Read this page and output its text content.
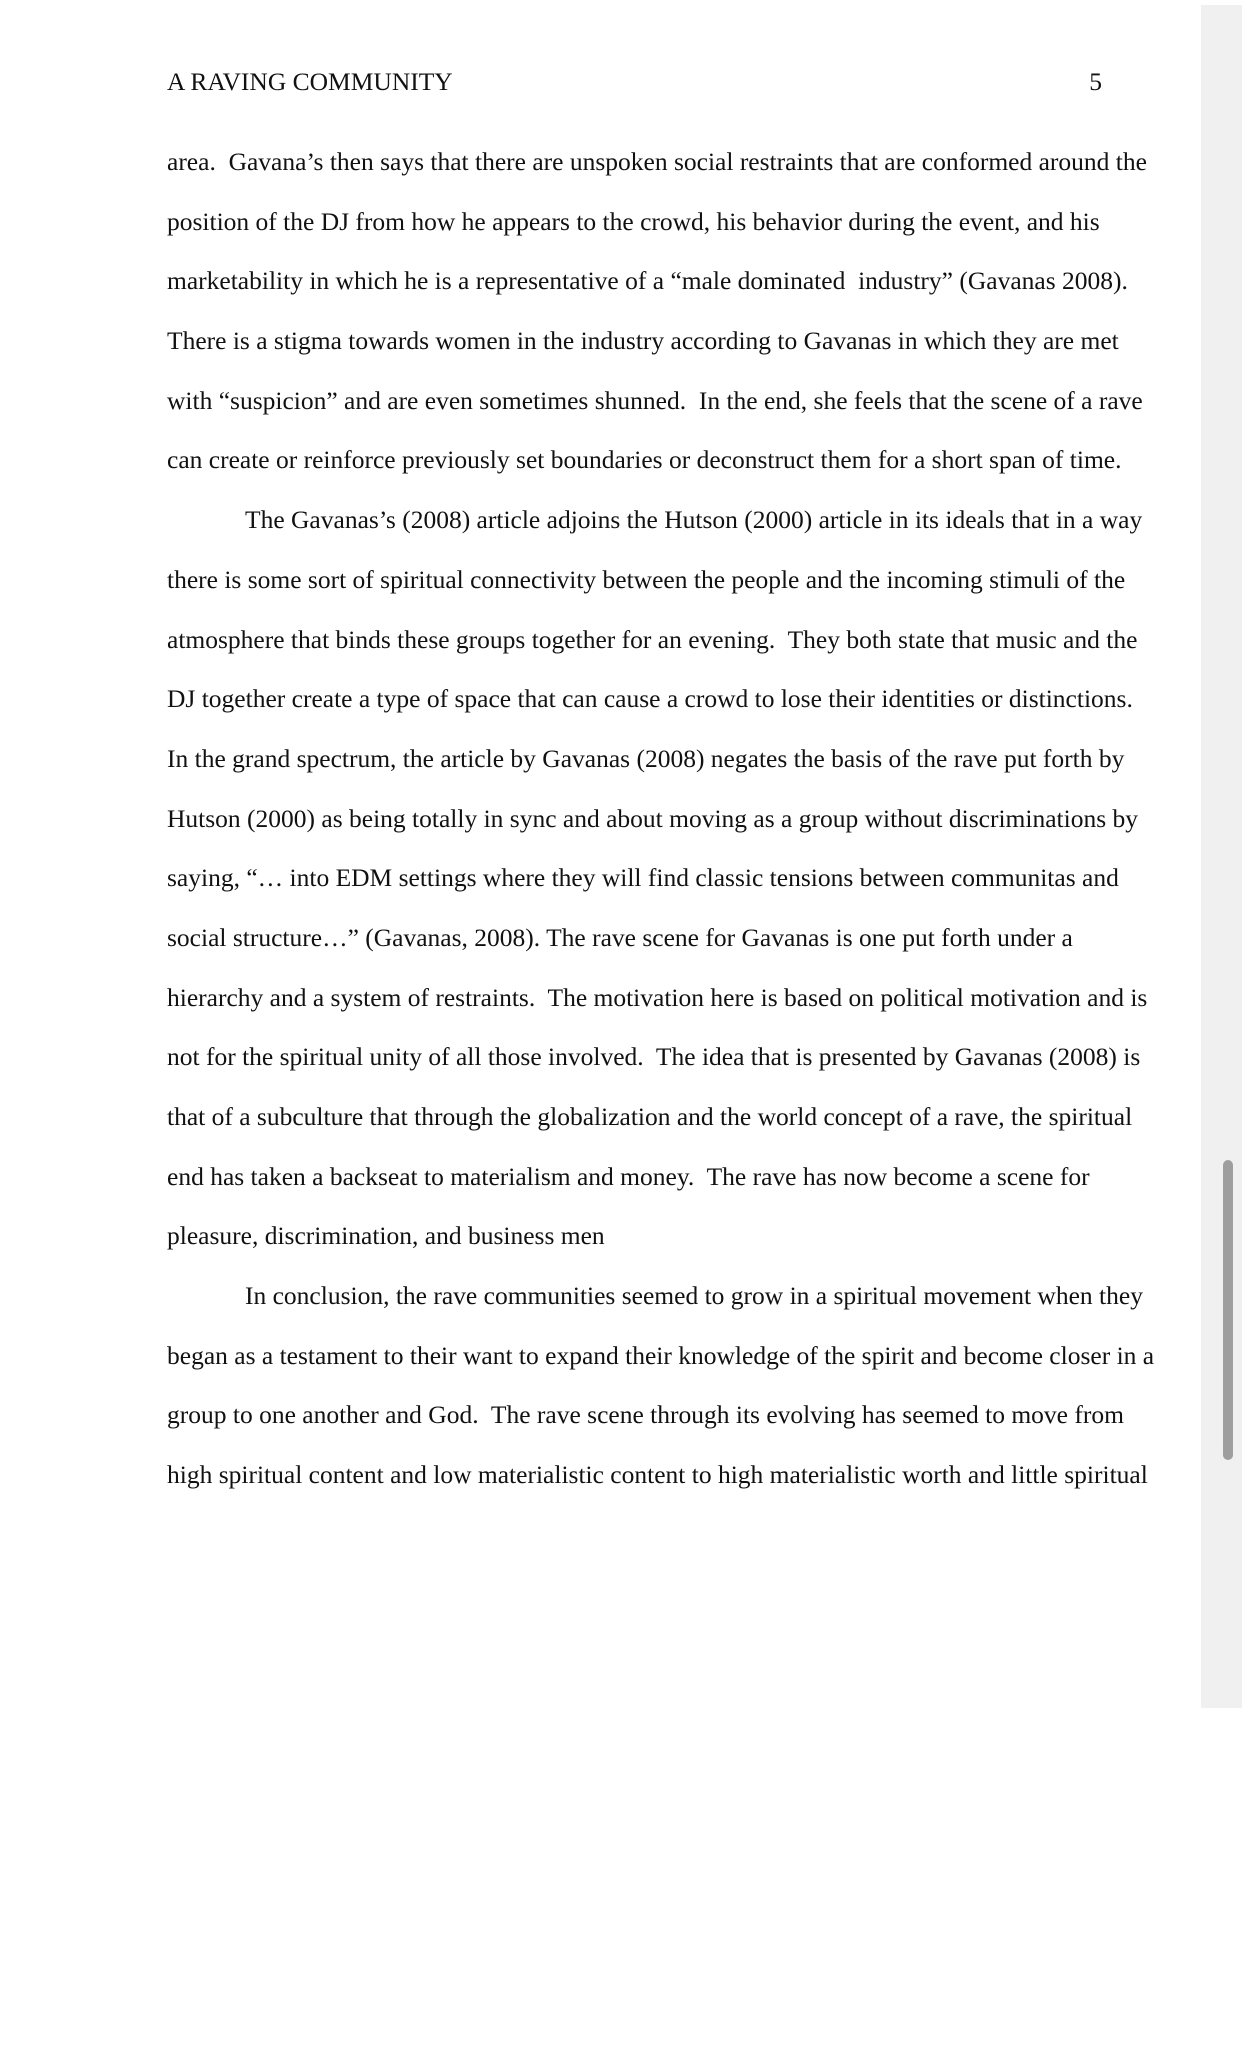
A RAVING COMMUNITY	5
area.  Gavana’s then says that there are unspoken social restraints that are conformed around the
position of the DJ from how he appears to the crowd, his behavior during the event, and his
marketability in which he is a representative of a “male dominated  industry” (Gavanas 2008).
There is a stigma towards women in the industry according to Gavanas in which they are met
with “suspicion” and are even sometimes shunned.  In the end, she feels that the scene of a rave
can create or reinforce previously set boundaries or deconstruct them for a short span of time.
The Gavanas’s (2008) article adjoins the Hutson (2000) article in its ideals that in a way
there is some sort of spiritual connectivity between the people and the incoming stimuli of the
atmosphere that binds these groups together for an evening.  They both state that music and the
DJ together create a type of space that can cause a crowd to lose their identities or distinctions.
In the grand spectrum, the article by Gavanas (2008) negates the basis of the rave put forth by
Hutson (2000) as being totally in sync and about moving as a group without discriminations by
saying, “… into EDM settings where they will find classic tensions between communitas and
social structure…” (Gavanas, 2008). The rave scene for Gavanas is one put forth under a
hierarchy and a system of restraints.  The motivation here is based on political motivation and is
not for the spiritual unity of all those involved.  The idea that is presented by Gavanas (2008) is
that of a subculture that through the globalization and the world concept of a rave, the spiritual
end has taken a backseat to materialism and money.  The rave has now become a scene for
pleasure, discrimination, and business men
In conclusion, the rave communities seemed to grow in a spiritual movement when they
began as a testament to their want to expand their knowledge of the spirit and become closer in a
group to one another and God.  The rave scene through its evolving has seemed to move from
high spiritual content and low materialistic content to high materialistic worth and little spiritual
